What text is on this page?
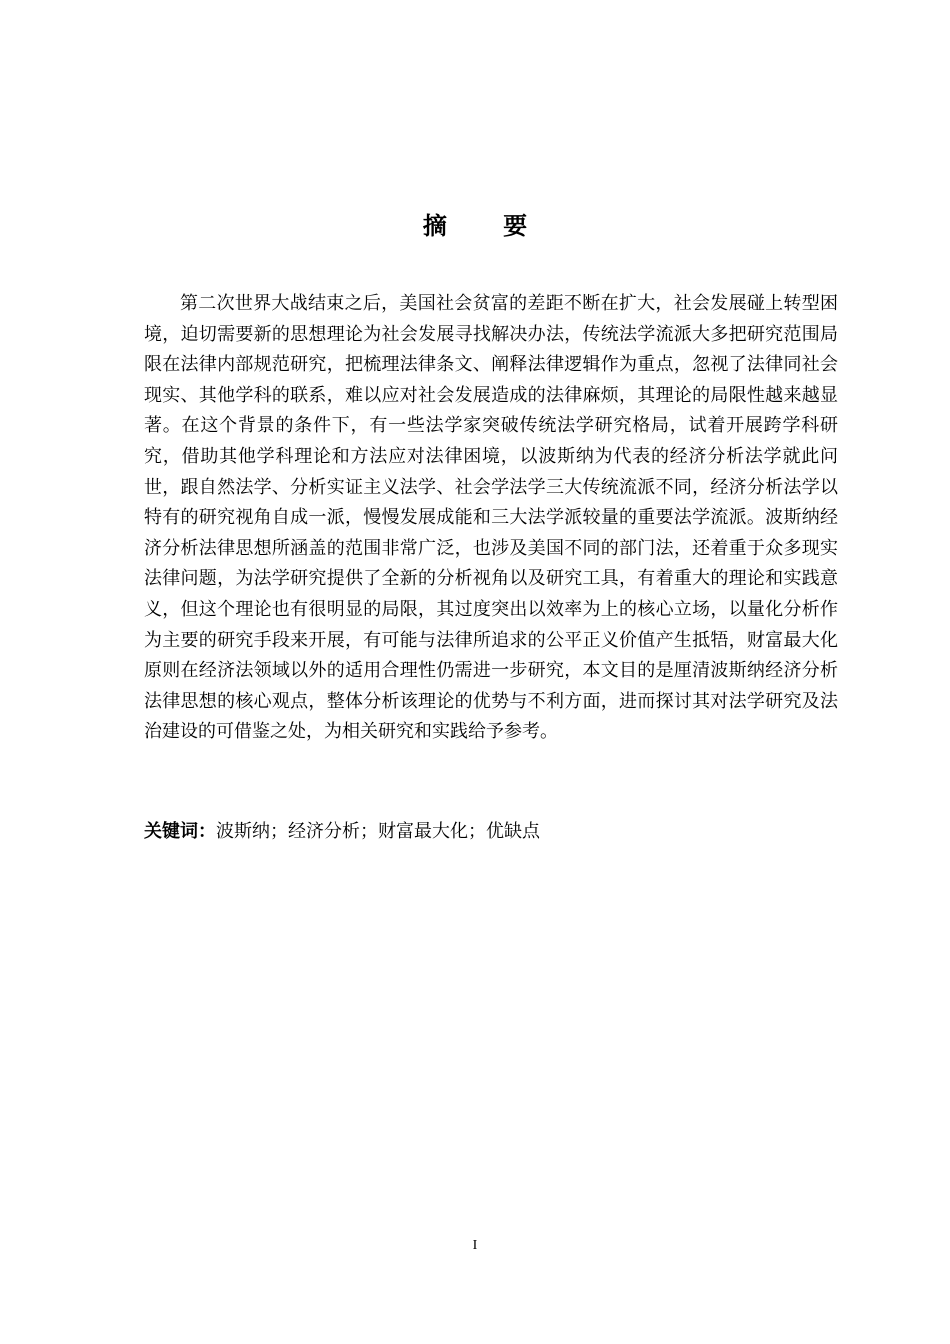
摘 要

第二次世界大战结束之后，美国社会贫富的差距不断在扩大，社会发展碰上转型困境，迫切需要新的思想理论为社会发展寻找解决办法，传统法学流派大多把研究范围局限在法律内部规范研究，把梳理法律条文、阐释法律逻辑作为重点，忽视了法律同社会现实、其他学科的联系，难以应对社会发展造成的法律麻烦，其理论的局限性越来越显著。在这个背景的条件下，有一些法学家突破传统法学研究格局，试着开展跨学科研究，借助其他学科理论和方法应对法律困境，以波斯纳为代表的经济分析法学就此问世，跟自然法学、分析实证主义法学、社会学法学三大传统流派不同，经济分析法学以特有的研究视角自成一派，慢慢发展成能和三大法学派较量的重要法学流派。波斯纳经济分析法律思想所涵盖的范围非常广泛，也涉及美国不同的部门法，还着重于众多现实法律问题，为法学研究提供了全新的分析视角以及研究工具，有着重大的理论和实践意义，但这个理论也有很明显的局限，其过度突出以效率为上的核心立场，以量化分析作为主要的研究手段来开展，有可能与法律所追求的公平正义价值产生抵牾，财富最大化原则在经济法领域以外的适用合理性仍需进一步研究，本文目的是厘清波斯纳经济分析法律思想的核心观点，整体分析该理论的优势与不利方面，进而探讨其对法学研究及法治建设的可借鉴之处，为相关研究和实践给予参考。

关键词：波斯纳；经济分析；财富最大化；优缺点

I
